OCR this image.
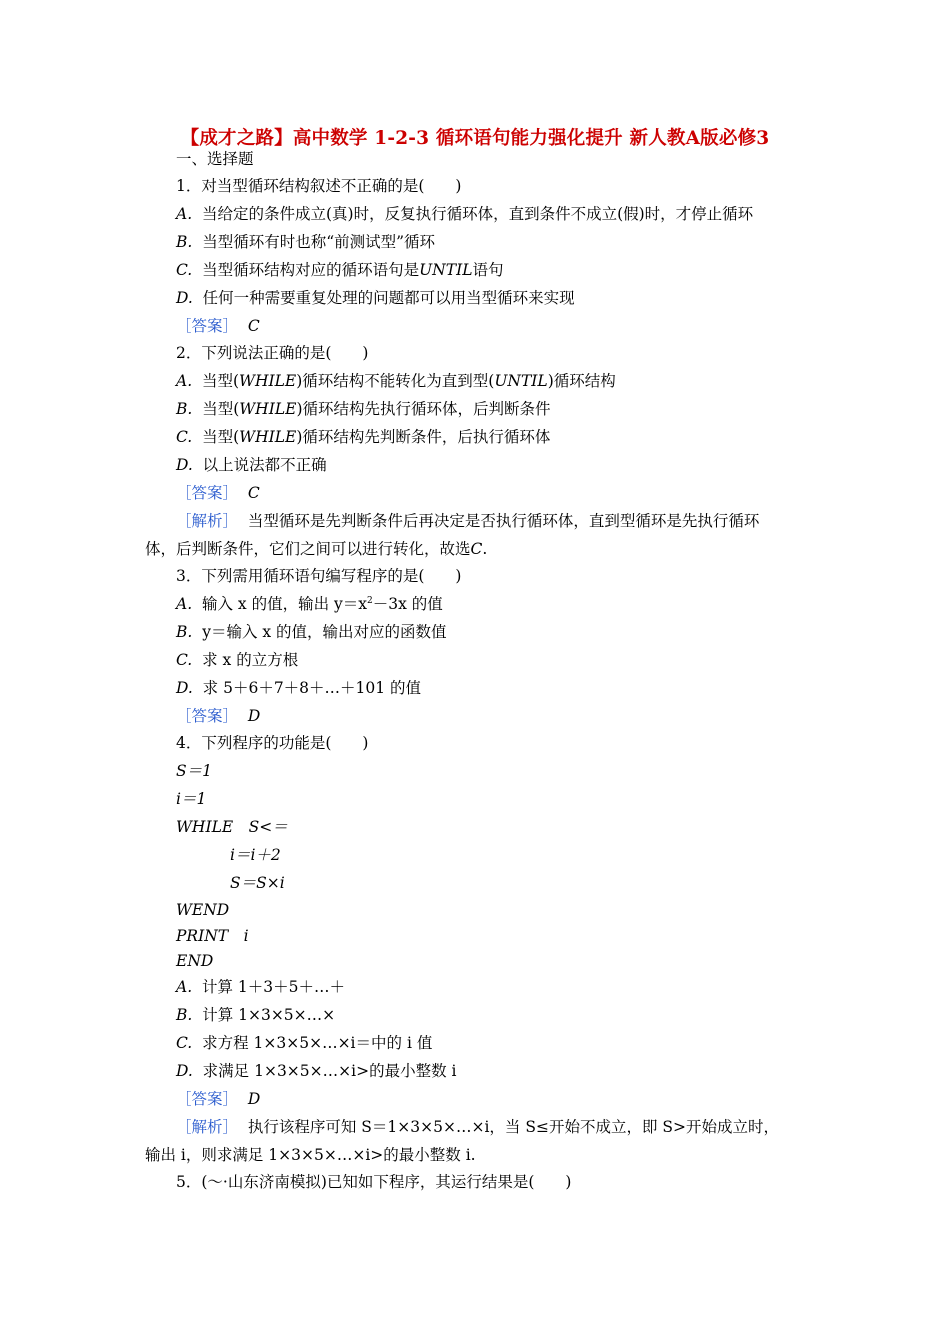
【成才之路】高中数学 1-2-3 循环语句能力强化提升 新人教A版必修3
一、选择题
1．对当型循环结构叙述不正确的是(　　)
A. 当给定的条件成立(真)时，反复执行循环体，直到条件不成立(假)时，才停止循环
B. 当型循环有时也称“前测试型”循环
C. 当型循环结构对应的循环语句是UNTIL语句
D. 任何一种需要重复处理的问题都可以用当型循环来实现
［答案］ C
2．下列说法正确的是(　　)
A. 当型(WHILE)循环结构不能转化为直到型(UNTIL)循环结构
B. 当型(WHILE)循环结构先执行循环体，后判断条件
C. 当型(WHILE)循环结构先判断条件，后执行循环体
D. 以上说法都不正确
［答案］ C
［解析］ 当型循环是先判断条件后再决定是否执行循环体，直到型循环是先执行循环
体，后判断条件，它们之间可以进行转化，故选C.
3．下列需用循环语句编写程序的是(　　)
A. 输入 x 的值，输出 $y=x^2-3x$ 的值
B. y＝输入 x 的值，输出对应的函数值
C. 求 x 的立方根
D. 求 5＋6＋7＋8＋…＋101 的值
［答案］ D
4．下列程序的功能是(　　)
S＝1
i＝1
WHILE　S<＝
i＝i＋2
S＝S×i
WEND
PRINT　i
END
A. 计算 1＋3＋5＋…＋
B. 计算 1×3×5×…×
C. 求方程 1×3×5×…×i＝中的 i 值
D. 求满足 1×3×5×…×i>的最小整数 i
［答案］ D
［解析］ 执行该程序可知 S＝1×3×5×…×i，当 S≤开始不成立，即 S>开始成立时，
输出 i，则求满足 1×3×5×…×i>的最小整数 i.
5．(～·山东济南模拟)已知如下程序，其运行结果是(　　)
